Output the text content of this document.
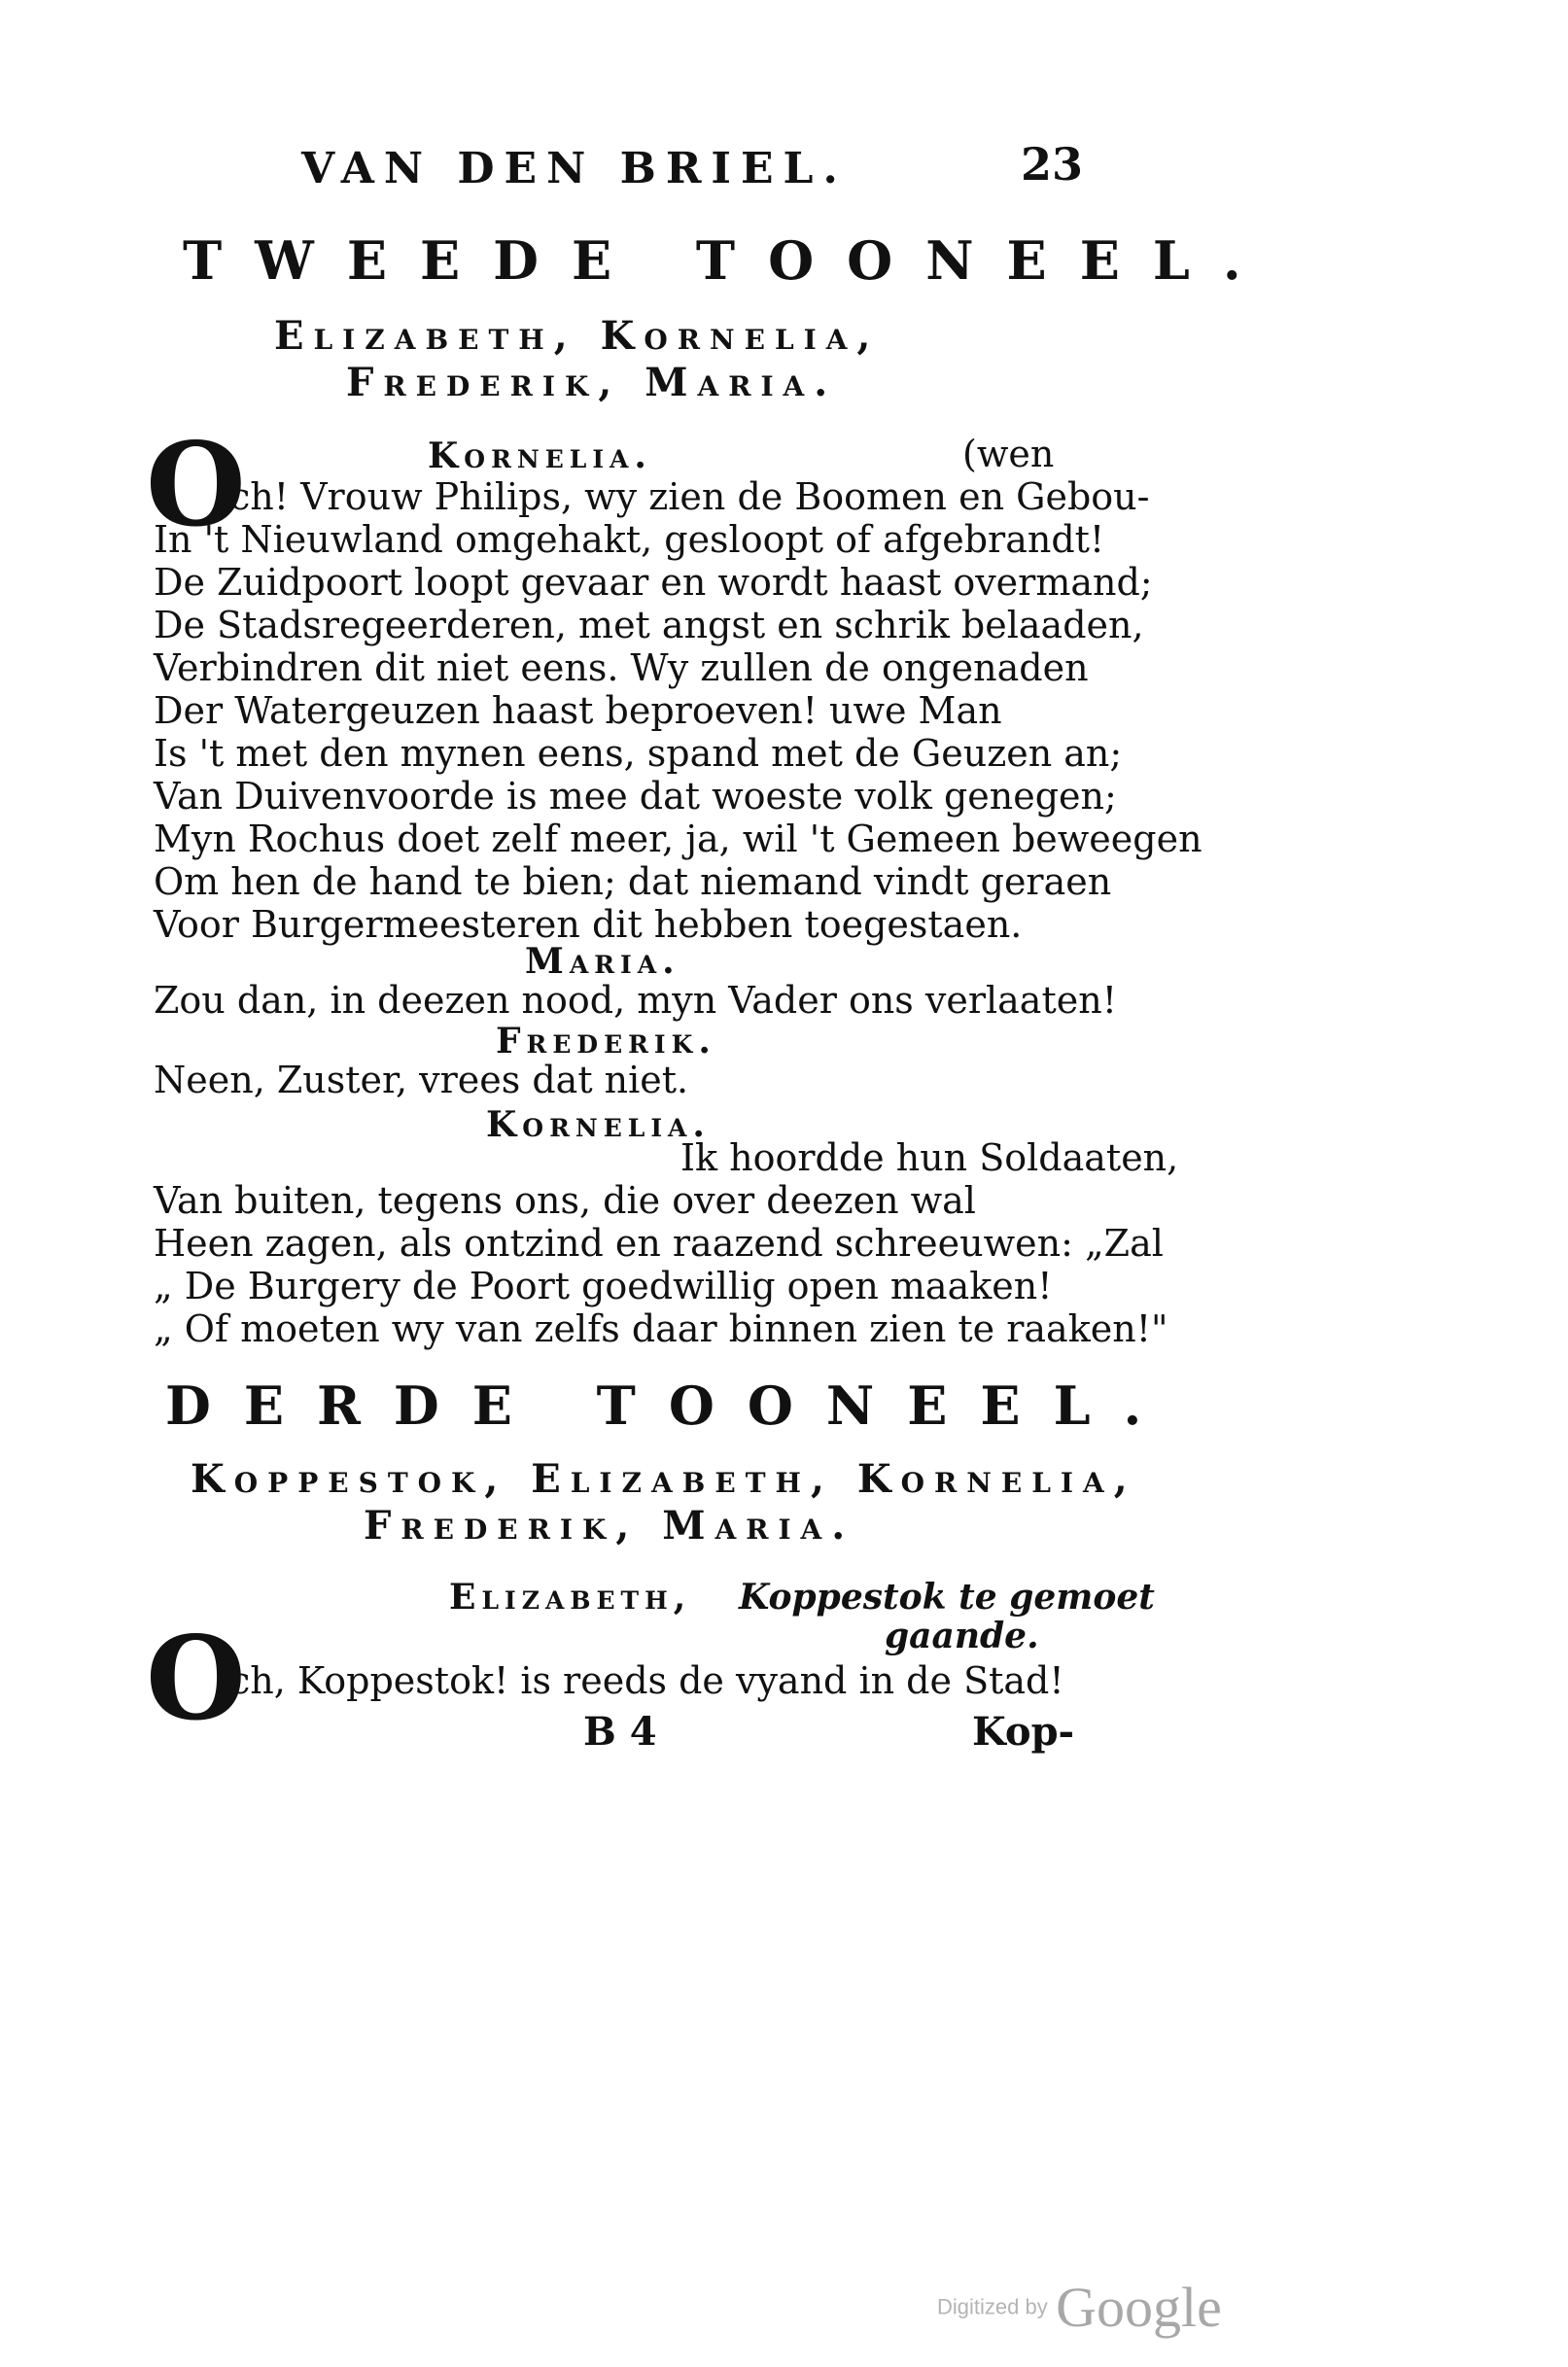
VAN DEN BRIEL.	23
TWEEDE TOONEEL.
Elizabeth, Kornelia,
Frederik, Maria.
Kornelia.	(wen
O
ch! Vrouw Philips, wy zien de Boomen en Gebou-
In 't Nieuwland omgehakt, gesloopt of afgebrandt!
De Zuidpoort loopt gevaar en wordt haast overmand;
De Stadsregeerderen, met angst en schrik belaaden,
Verbindren dit niet eens. Wy zullen de ongenaden
Der Watergeuzen haast beproeven! uwe Man
Is 't met den mynen eens, spand met de Geuzen an;
Van Duivenvoorde is mee dat woeste volk genegen;
Myn Rochus doet zelf meer, ja, wil 't Gemeen beweegen
Om hen de hand te bien; dat niemand vindt geraen
Voor Burgermeesteren dit hebben toegestaen.
Maria.
Zou dan, in deezen nood, myn Vader ons verlaaten!
Frederik.
Neen, Zuster, vrees dat niet.
Kornelia.
Ik hoordde hun Soldaaten,
Van buiten, tegens ons, die over deezen wal
Heen zagen, als ontzind en raazend schreeuwen: „Zal
„ De Burgery de Poort goedwillig open maaken!
„ Of moeten wy van zelfs daar binnen zien te raaken!"
DERDE TOONEEL.
Koppestok, Elizabeth, Kornelia,
Frederik, Maria.
Elizabeth, Koppestok te gemoet
gaande.
O
ch, Koppestok! is reeds de vyand in de Stad!
B 4	Kop-
Digitized by Google
